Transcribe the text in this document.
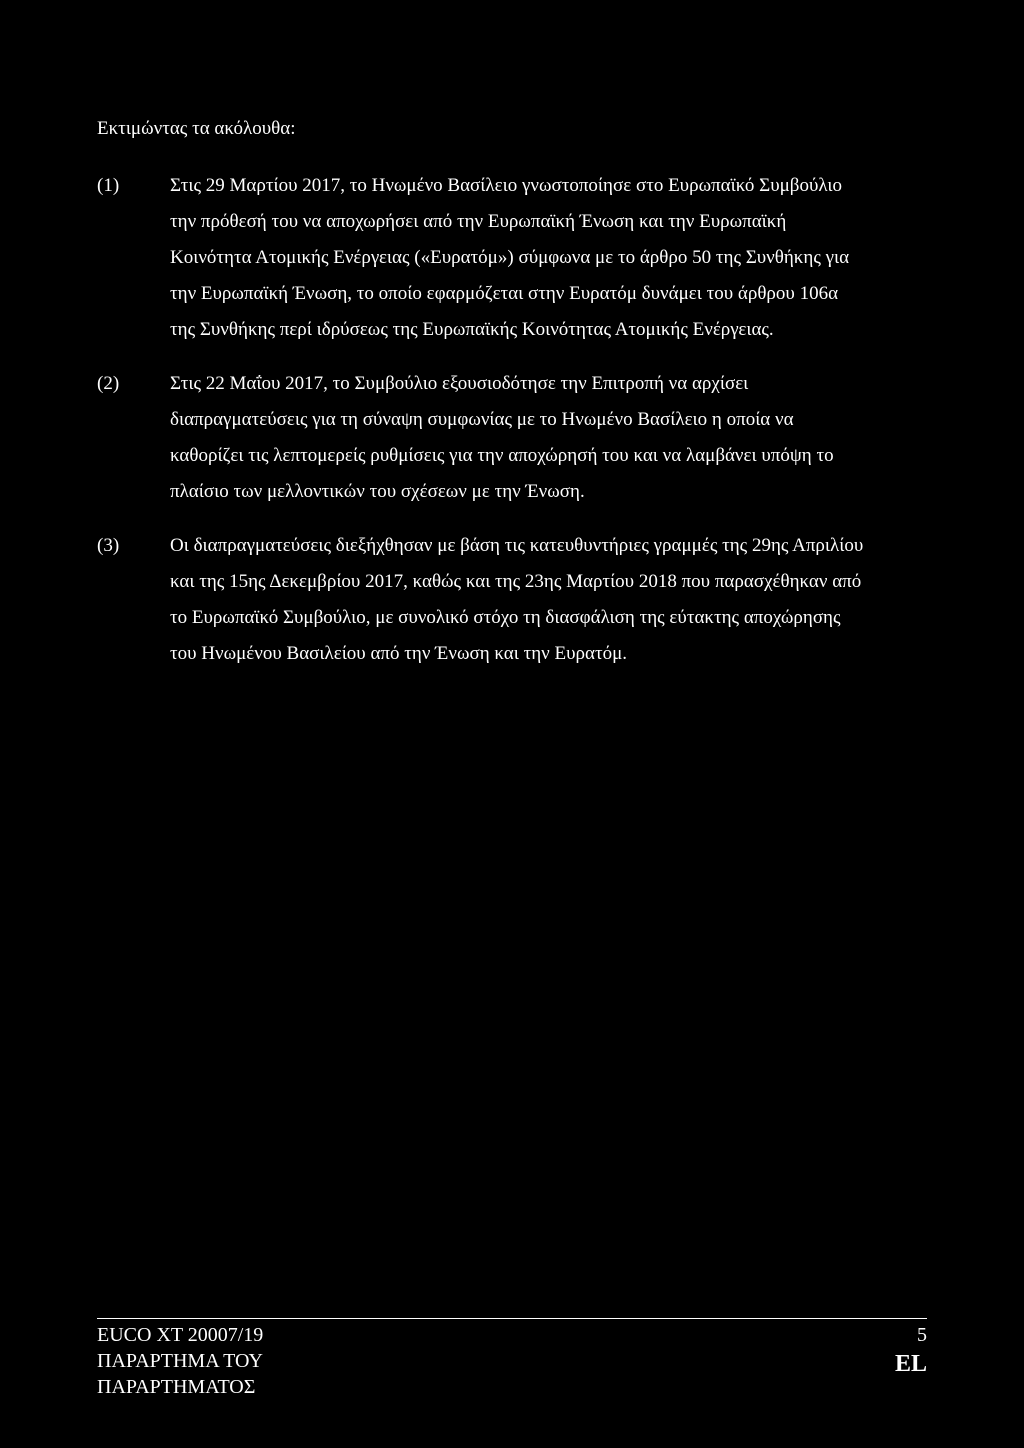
Εκτιμώντας τα ακόλουθα:

(1)	Στις 29 Μαρτίου 2017, το Ηνωμένο Βασίλειο γνωστοποίησε στο Ευρωπαϊκό Συμβούλιο
την πρόθεσή του να αποχωρήσει από την Ευρωπαϊκή Ένωση και την Ευρωπαϊκή
Κοινότητα Ατομικής Ενέργειας («Ευρατόμ») σύμφωνα με το άρθρο 50 της Συνθήκης για
την Ευρωπαϊκή Ένωση, το οποίο εφαρμόζεται στην Ευρατόμ δυνάμει του άρθρου 106α
της Συνθήκης περί ιδρύσεως της Ευρωπαϊκής Κοινότητας Ατομικής Ενέργειας.
(2)	Στις 22 Μαΐου 2017, το Συμβούλιο εξουσιοδότησε την Επιτροπή να αρχίσει
διαπραγματεύσεις για τη σύναψη συμφωνίας με το Ηνωμένο Βασίλειο η οποία να
καθορίζει τις λεπτομερείς ρυθμίσεις για την αποχώρησή του και να λαμβάνει υπόψη το
πλαίσιο των μελλοντικών του σχέσεων με την Ένωση.
(3)	Οι διαπραγματεύσεις διεξήχθησαν με βάση τις κατευθυντήριες γραμμές της 29ης Απριλίου
και της 15ης Δεκεμβρίου 2017, καθώς και της 23ης Μαρτίου 2018 που παρασχέθηκαν από
το Ευρωπαϊκό Συμβούλιο, με συνολικό στόχο τη διασφάλιση της εύτακτης αποχώρησης
του Ηνωμένου Βασιλείου από την Ένωση και την Ευρατόμ.
EUCO XT 20007/19
ΠΑΡΑΡΤΗΜΑ ΤΟΥ
ΠΑΡΑΡΤΗΜΑΤΟΣ
5
EL
